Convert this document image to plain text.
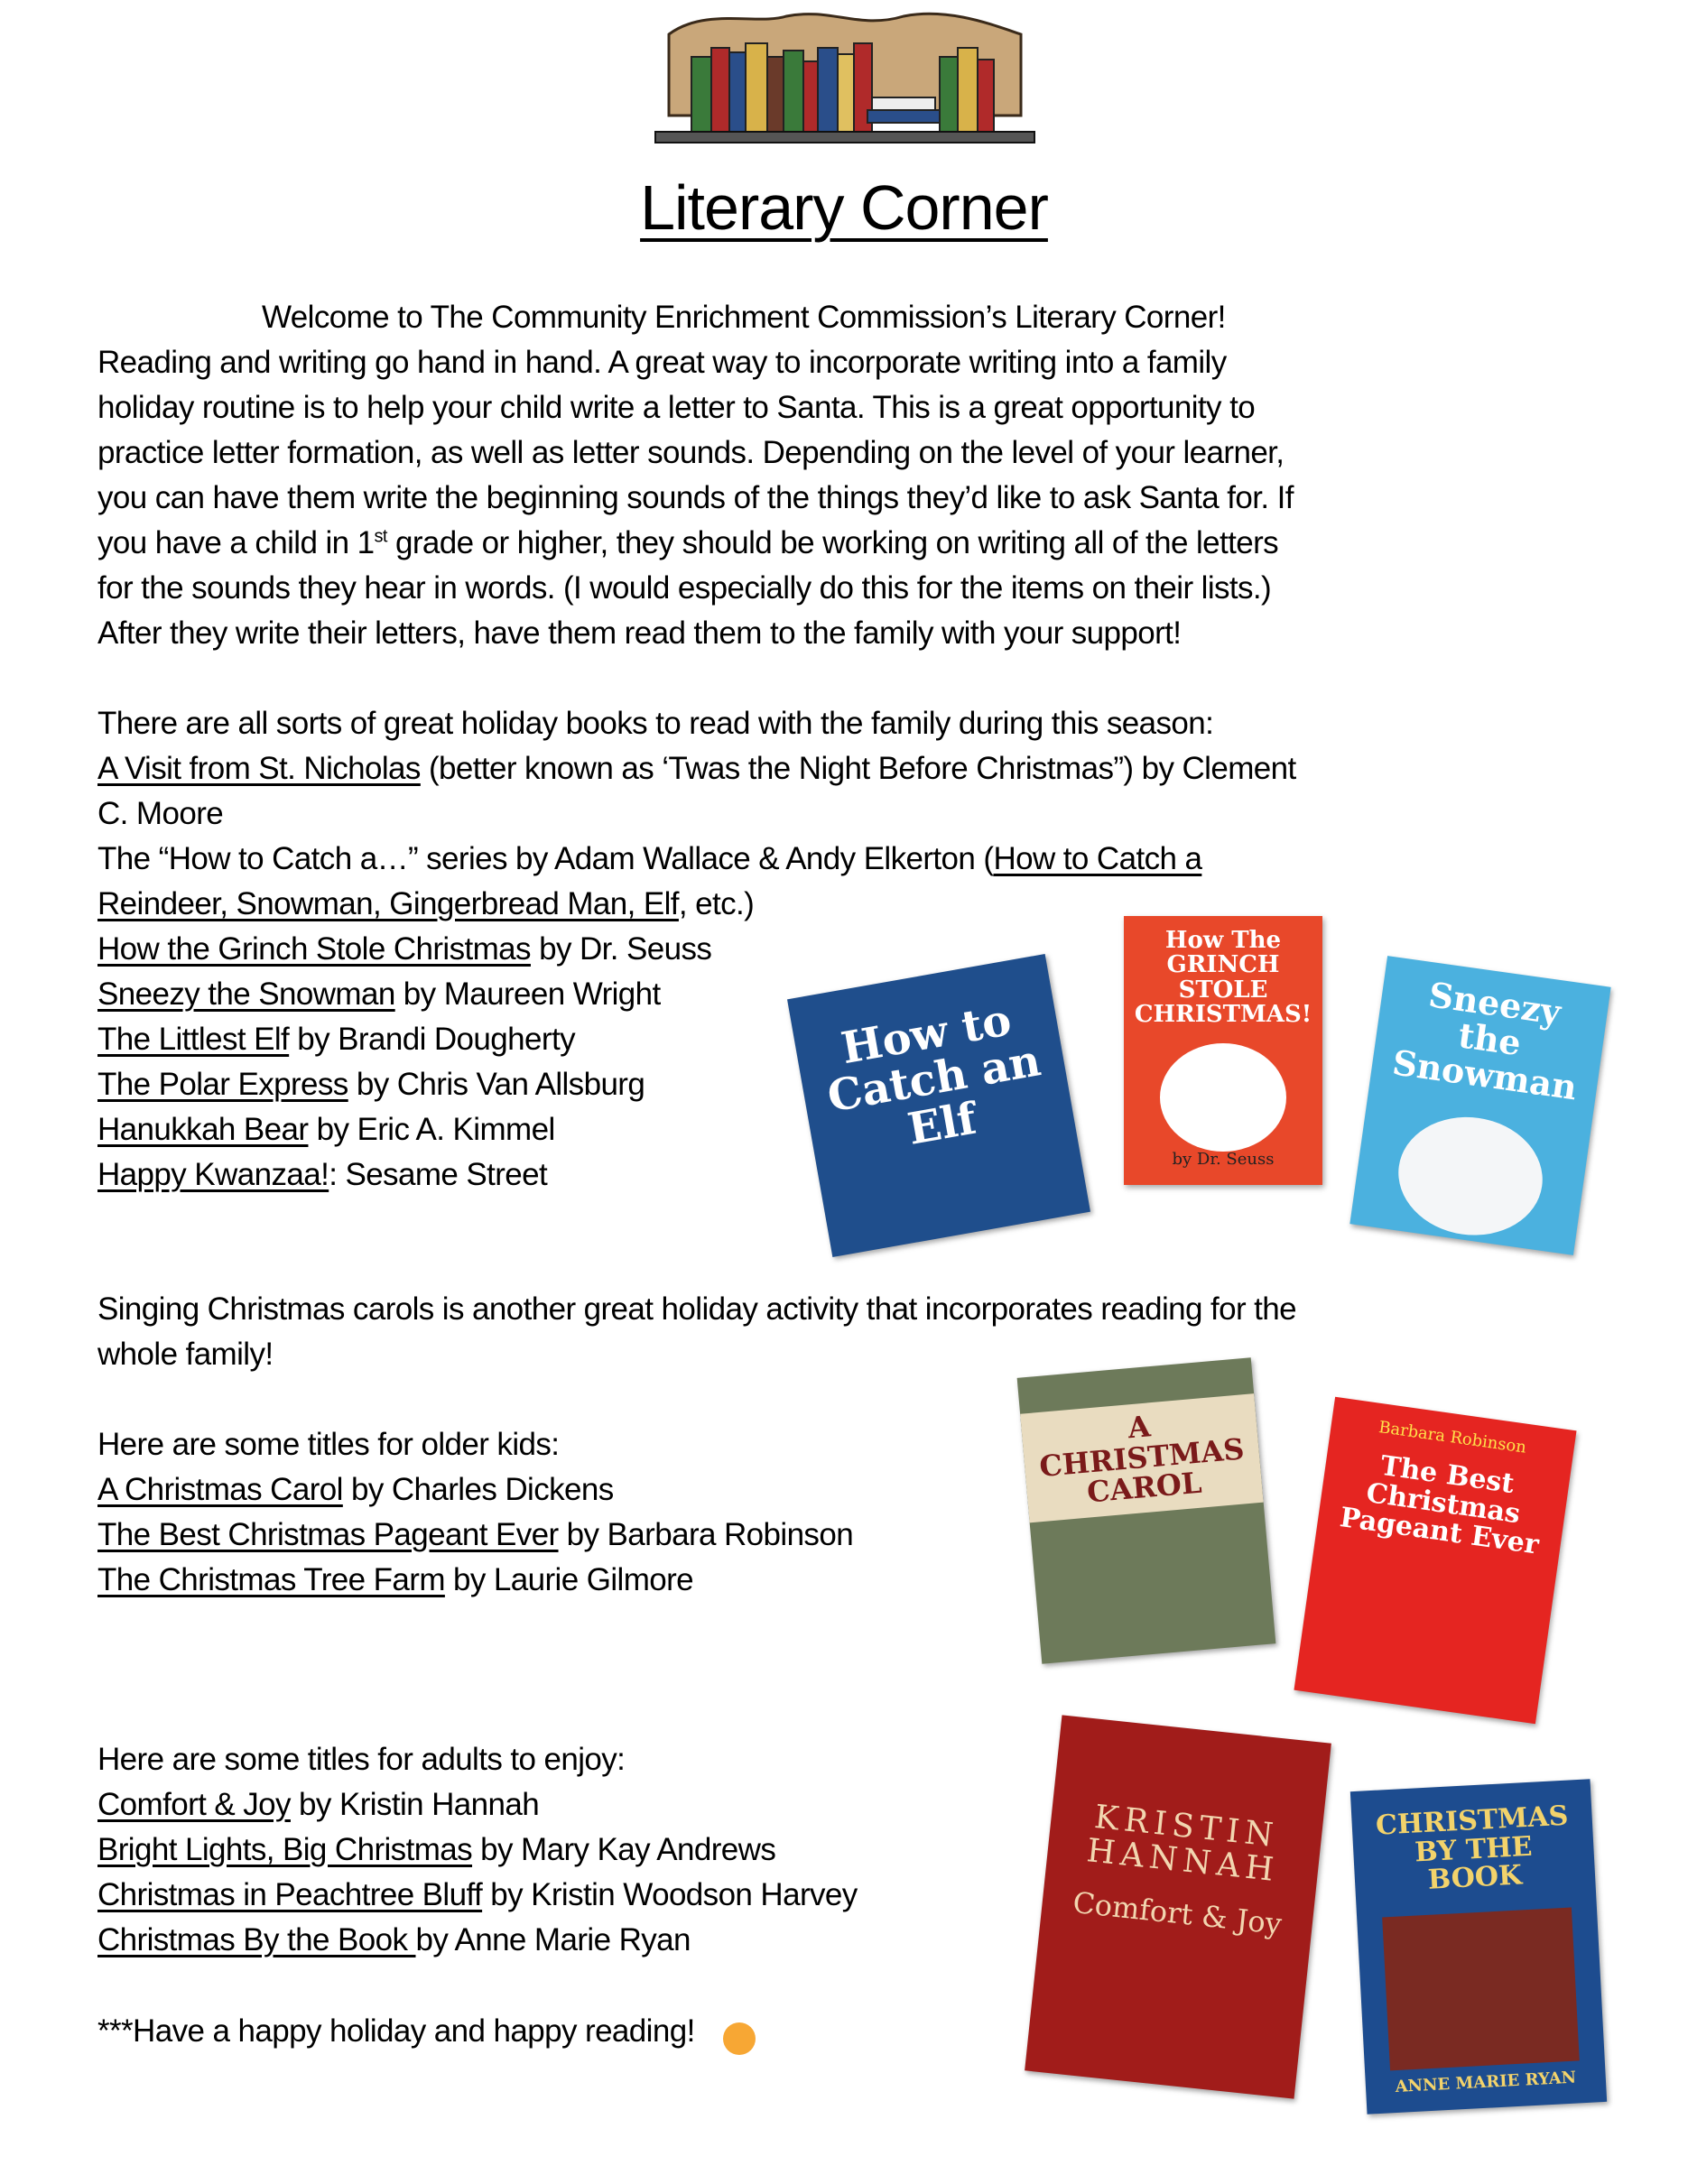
Literary Corner
Welcome to The Community Enrichment Commission’s Literary Corner!
Reading and writing go hand in hand. A great way to incorporate writing into a family
holiday routine is to help your child write a letter to Santa. This is a great opportunity to
practice letter formation, as well as letter sounds. Depending on the level of your learner,
you can have them write the beginning sounds of the things they’d like to ask Santa for. If
you have a child in 1st grade or higher, they should be working on writing all of the letters
for the sounds they hear in words. (I would especially do this for the items on their lists.)
After they write their letters, have them read them to the family with your support!
There are all sorts of great holiday books to read with the family during this season:
A Visit from St. Nicholas (better known as ‘Twas the Night Before Christmas”) by Clement
C. Moore
The “How to Catch a…” series by Adam Wallace & Andy Elkerton (How to Catch a
Reindeer, Snowman, Gingerbread Man, Elf, etc.)
How the Grinch Stole Christmas by Dr. Seuss
Sneezy the Snowman by Maureen Wright
The Littlest Elf by Brandi Dougherty
The Polar Express by Chris Van Allsburg
Hanukkah Bear by Eric A. Kimmel
Happy Kwanzaa!: Sesame Street
Singing Christmas carols is another great holiday activity that incorporates reading for the
whole family!
Here are some titles for older kids:
A Christmas Carol by Charles Dickens
The Best Christmas Pageant Ever by Barbara Robinson
The Christmas Tree Farm by Laurie Gilmore
Here are some titles for adults to enjoy:
Comfort & Joy by Kristin Hannah
Bright Lights, Big Christmas by Mary Kay Andrews
Christmas in Peachtree Bluff by Kristin Woodson Harvey
Christmas By the Book by Anne Marie Ryan
***Have a happy holiday and happy reading!
How to Catch an Elf
How The GRINCH STOLE CHRISTMAS!
by Dr. Seuss
Sneezy the Snowman
A CHRISTMAS CAROL
Barbara Robinson
The Best Christmas Pageant Ever
KRISTIN HANNAH
Comfort & Joy
CHRISTMAS BY THE BOOK
ANNE MARIE RYAN
